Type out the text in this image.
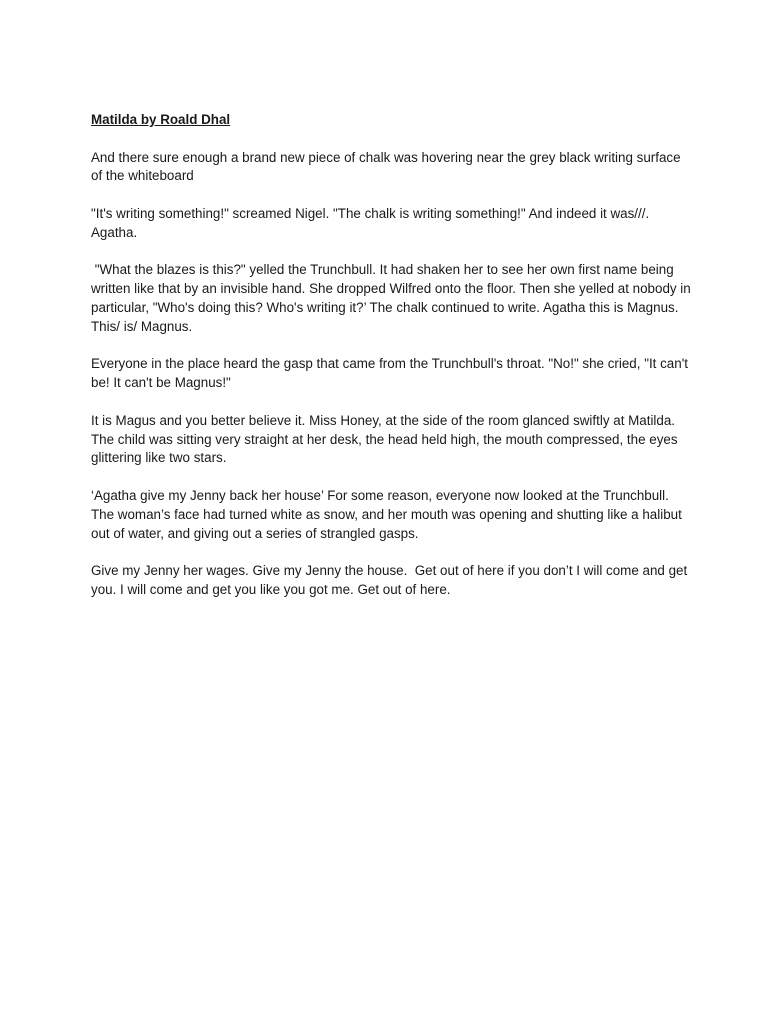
Matilda by Roald Dhal

And there sure enough a brand new piece of chalk was hovering near the grey black writing surface of the whiteboard

"It's writing something!" screamed Nigel. "The chalk is writing something!" And indeed it was///. Agatha.

"What the blazes is this?" yelled the Trunchbull. It had shaken her to see her own first name being written like that by an invisible hand. She dropped Wilfred onto the floor. Then she yelled at nobody in particular, "Who's doing this? Who's writing it?’ The chalk continued to write. Agatha this is Magnus. This/ is/ Magnus.

Everyone in the place heard the gasp that came from the Trunchbull's throat. "No!" she cried, "It can't be! It can't be Magnus!"

It is Magus and you better believe it. Miss Honey, at the side of the room glanced swiftly at Matilda. The child was sitting very straight at her desk, the head held high, the mouth compressed, the eyes glittering like two stars.

‘Agatha give my Jenny back her house’ For some reason, everyone now looked at the Trunchbull. The woman’s face had turned white as snow, and her mouth was opening and shutting like a halibut out of water, and giving out a series of strangled gasps.

Give my Jenny her wages. Give my Jenny the house.  Get out of here if you don’t I will come and get you. I will come and get you like you got me. Get out of here.
